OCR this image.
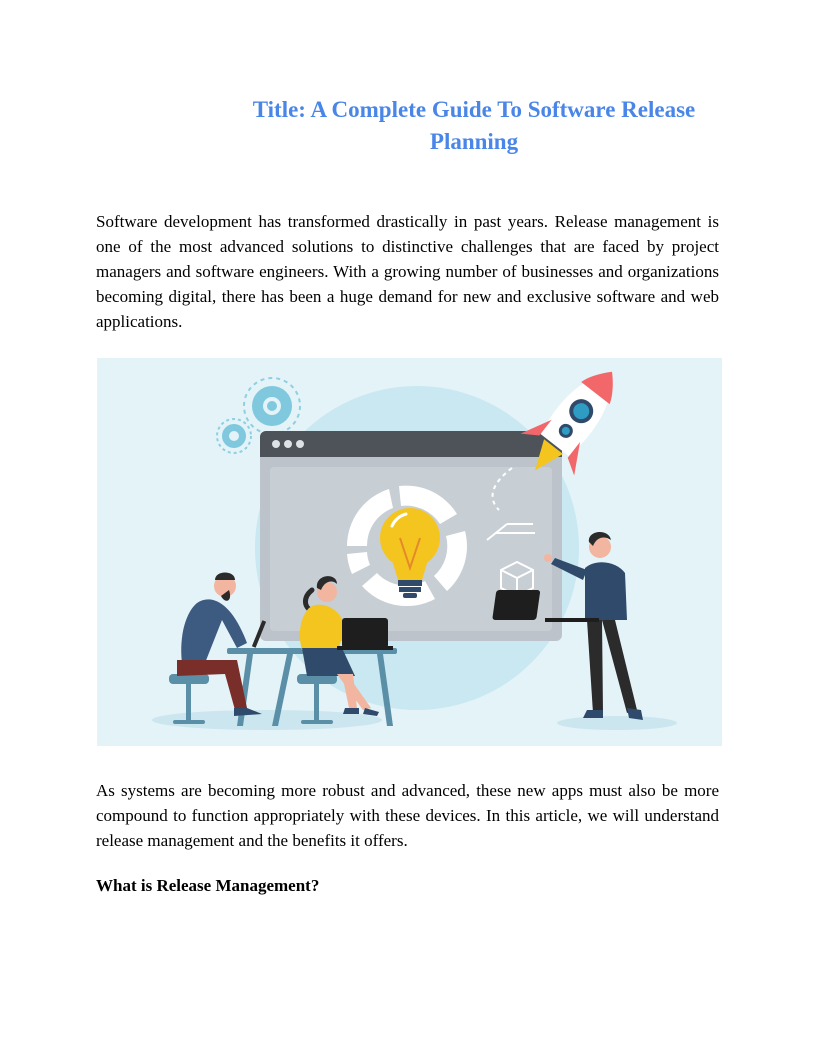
Title: A Complete Guide To Software Release Planning

Software development has transformed drastically in past years. Release management is one of the most advanced solutions to distinctive challenges that are faced by project managers and software engineers. With a growing number of businesses and organizations becoming digital, there has been a huge demand for new and exclusive software and web applications.

As systems are becoming more robust and advanced, these new apps must also be more compound to function appropriately with these devices. In this article, we will understand release management and the benefits it offers.

What is Release Management?
